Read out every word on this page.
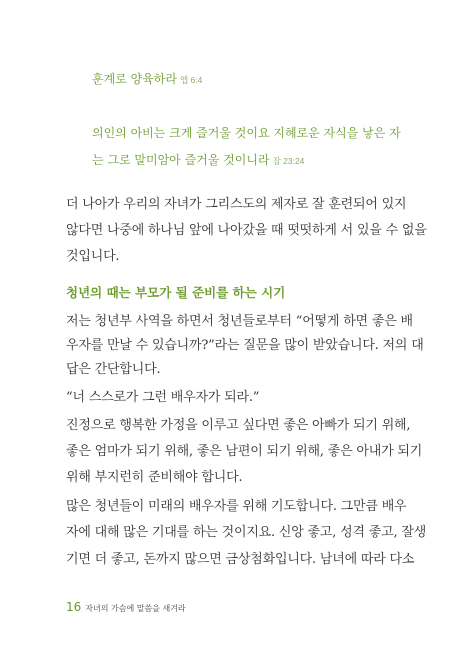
훈계로 양육하라 엡 6:4
의인의 아비는 크게 즐거울 것이요 지혜로운 자식을 낳은 자
는 그로 말미암아 즐거울 것이니라 잠 23:24
더 나아가 우리의 자녀가 그리스도의 제자로 잘 훈련되어 있지
않다면 나중에 하나님 앞에 나아갔을 때 떳떳하게 서 있을 수 없을
것입니다.
청년의 때는 부모가 될 준비를 하는 시기
저는 청년부 사역을 하면서 청년들로부터 “어떻게 하면 좋은 배
우자를 만날 수 있습니까?”라는 질문을 많이 받았습니다. 저의 대
답은 간단합니다.
“너 스스로가 그런 배우자가 되라.”
진정으로 행복한 가정을 이루고 싶다면 좋은 아빠가 되기 위해,
좋은 엄마가 되기 위해, 좋은 남편이 되기 위해, 좋은 아내가 되기
위해 부지런히 준비해야 합니다.
많은 청년들이 미래의 배우자를 위해 기도합니다. 그만큼 배우
자에 대해 많은 기대를 하는 것이지요. 신앙 좋고, 성격 좋고, 잘생
기면 더 좋고, 돈까지 많으면 금상첨화입니다. 남녀에 따라 다소
16 자녀의 가슴에 말씀을 새겨라
